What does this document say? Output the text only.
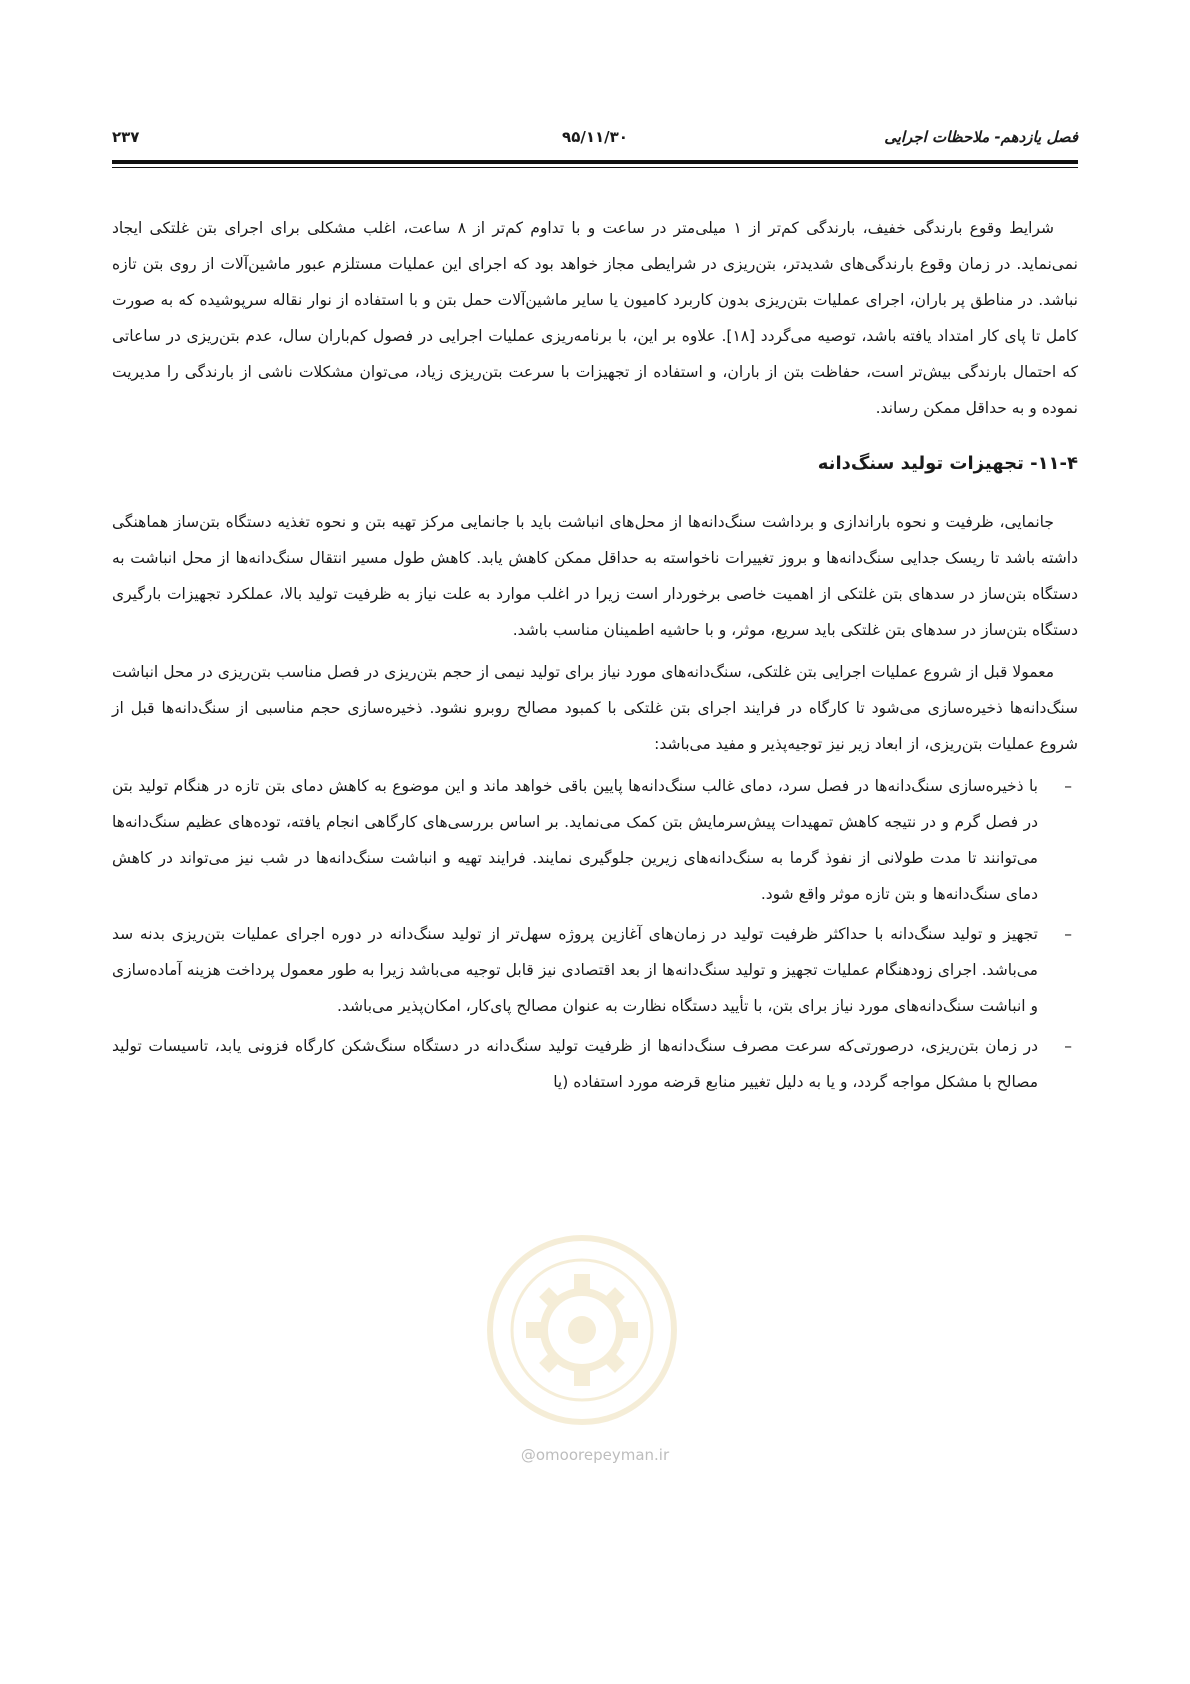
فصل یازدهم- ملاحظات اجرایی
۹۵/۱۱/۳۰
۲۳۷

شرایط وقوع بارندگی خفیف، بارندگی کم‌تر از ۱ میلی‌متر در ساعت و با تداوم کم‌تر از ۸ ساعت، اغلب مشکلی برای اجرای بتن غلتکی ایجاد نمی‌نماید. در زمان وقوع بارندگی‌های شدیدتر، بتن‌ریزی در شرایطی مجاز خواهد بود که اجرای این عملیات مستلزم عبور ماشین‌آلات از روی بتن تازه نباشد. در مناطق پر باران، اجرای عملیات بتن‌ریزی بدون کاربرد کامیون یا سایر ماشین‌آلات حمل بتن و با استفاده از نوار نقاله سرپوشیده که به صورت کامل تا پای کار امتداد یافته باشد، توصیه می‌گردد [۱۸]. علاوه بر این، با برنامه‌ریزی عملیات اجرایی در فصول کم‌باران سال، عدم بتن‌ریزی در ساعاتی که احتمال بارندگی بیش‌تر است، حفاظت بتن از باران، و استفاده از تجهیزات با سرعت بتن‌ریزی زیاد، می‌توان مشکلات ناشی از بارندگی را مدیریت نموده و به حداقل ممکن رساند.

۱۱-۴- تجهیزات تولید سنگ‌دانه

جانمایی، ظرفیت و نحوه باراندازی و برداشت سنگ‌دانه‌ها از محل‌های انباشت باید با جانمایی مرکز تهیه بتن و نحوه تغذیه دستگاه بتن‌ساز هماهنگی داشته باشد تا ریسک جدایی سنگ‌دانه‌ها و بروز تغییرات ناخواسته به حداقل ممکن کاهش یابد. کاهش طول مسیر انتقال سنگ‌دانه‌ها از محل انباشت به دستگاه بتن‌ساز در سدهای بتن غلتکی از اهمیت خاصی برخوردار است زیرا در اغلب موارد به علت نیاز به ظرفیت تولید بالا، عملکرد تجهیزات بارگیری دستگاه بتن‌ساز در سدهای بتن غلتکی باید سریع، موثر، و با حاشیه اطمینان مناسب باشد.

معمولا قبل از شروع عملیات اجرایی بتن غلتکی، سنگ‌دانه‌های مورد نیاز برای تولید نیمی از حجم بتن‌ریزی در فصل مناسب بتن‌ریزی در محل انباشت سنگ‌دانه‌ها ذخیره‌سازی می‌شود تا کارگاه در فرایند اجرای بتن غلتکی با کمبود مصالح روبرو نشود. ذخیره‌سازی حجم مناسبی از سنگ‌دانه‌ها قبل از شروع عملیات بتن‌ریزی، از ابعاد زیر نیز توجیه‌پذیر و مفید می‌باشد:

–
با ذخیره‌سازی سنگ‌دانه‌ها در فصل سرد، دمای غالب سنگ‌دانه‌ها پایین باقی خواهد ماند و این موضوع به کاهش دمای بتن تازه در هنگام تولید بتن در فصل گرم و در نتیجه کاهش تمهیدات پیش‌سرمایش بتن کمک می‌نماید. بر اساس بررسی‌های کارگاهی انجام یافته، توده‌های عظیم سنگ‌دانه‌ها می‌توانند تا مدت طولانی از نفوذ گرما به سنگ‌دانه‌های زیرین جلوگیری نمایند. فرایند تهیه و انباشت سنگ‌دانه‌ها در شب نیز می‌تواند در کاهش دمای سنگ‌دانه‌ها و بتن تازه موثر واقع شود.
–
تجهیز و تولید سنگ‌دانه با حداکثر ظرفیت تولید در زمان‌های آغازین پروژه سهل‌تر از تولید سنگ‌دانه در دوره اجرای عملیات بتن‌ریزی بدنه سد می‌باشد. اجرای زودهنگام عملیات تجهیز و تولید سنگ‌دانه‌ها از بعد اقتصادی نیز قابل توجیه می‌باشد زیرا به طور معمول پرداخت هزینه آماده‌سازی و انباشت سنگ‌دانه‌های مورد نیاز برای بتن، با تأیید دستگاه نظارت به عنوان مصالح پای‌کار، امکان‌پذیر می‌باشد.
–
در زمان بتن‌ریزی، درصورتی‌که سرعت مصرف سنگ‌دانه‌ها از ظرفیت تولید سنگ‌دانه در دستگاه سنگ‌شکن کارگاه فزونی یابد، تاسیسات تولید مصالح با مشکل مواجه گردد، و یا به دلیل تغییر منابع قرضه مورد استفاده (یا
@omoorepeyman.ir
